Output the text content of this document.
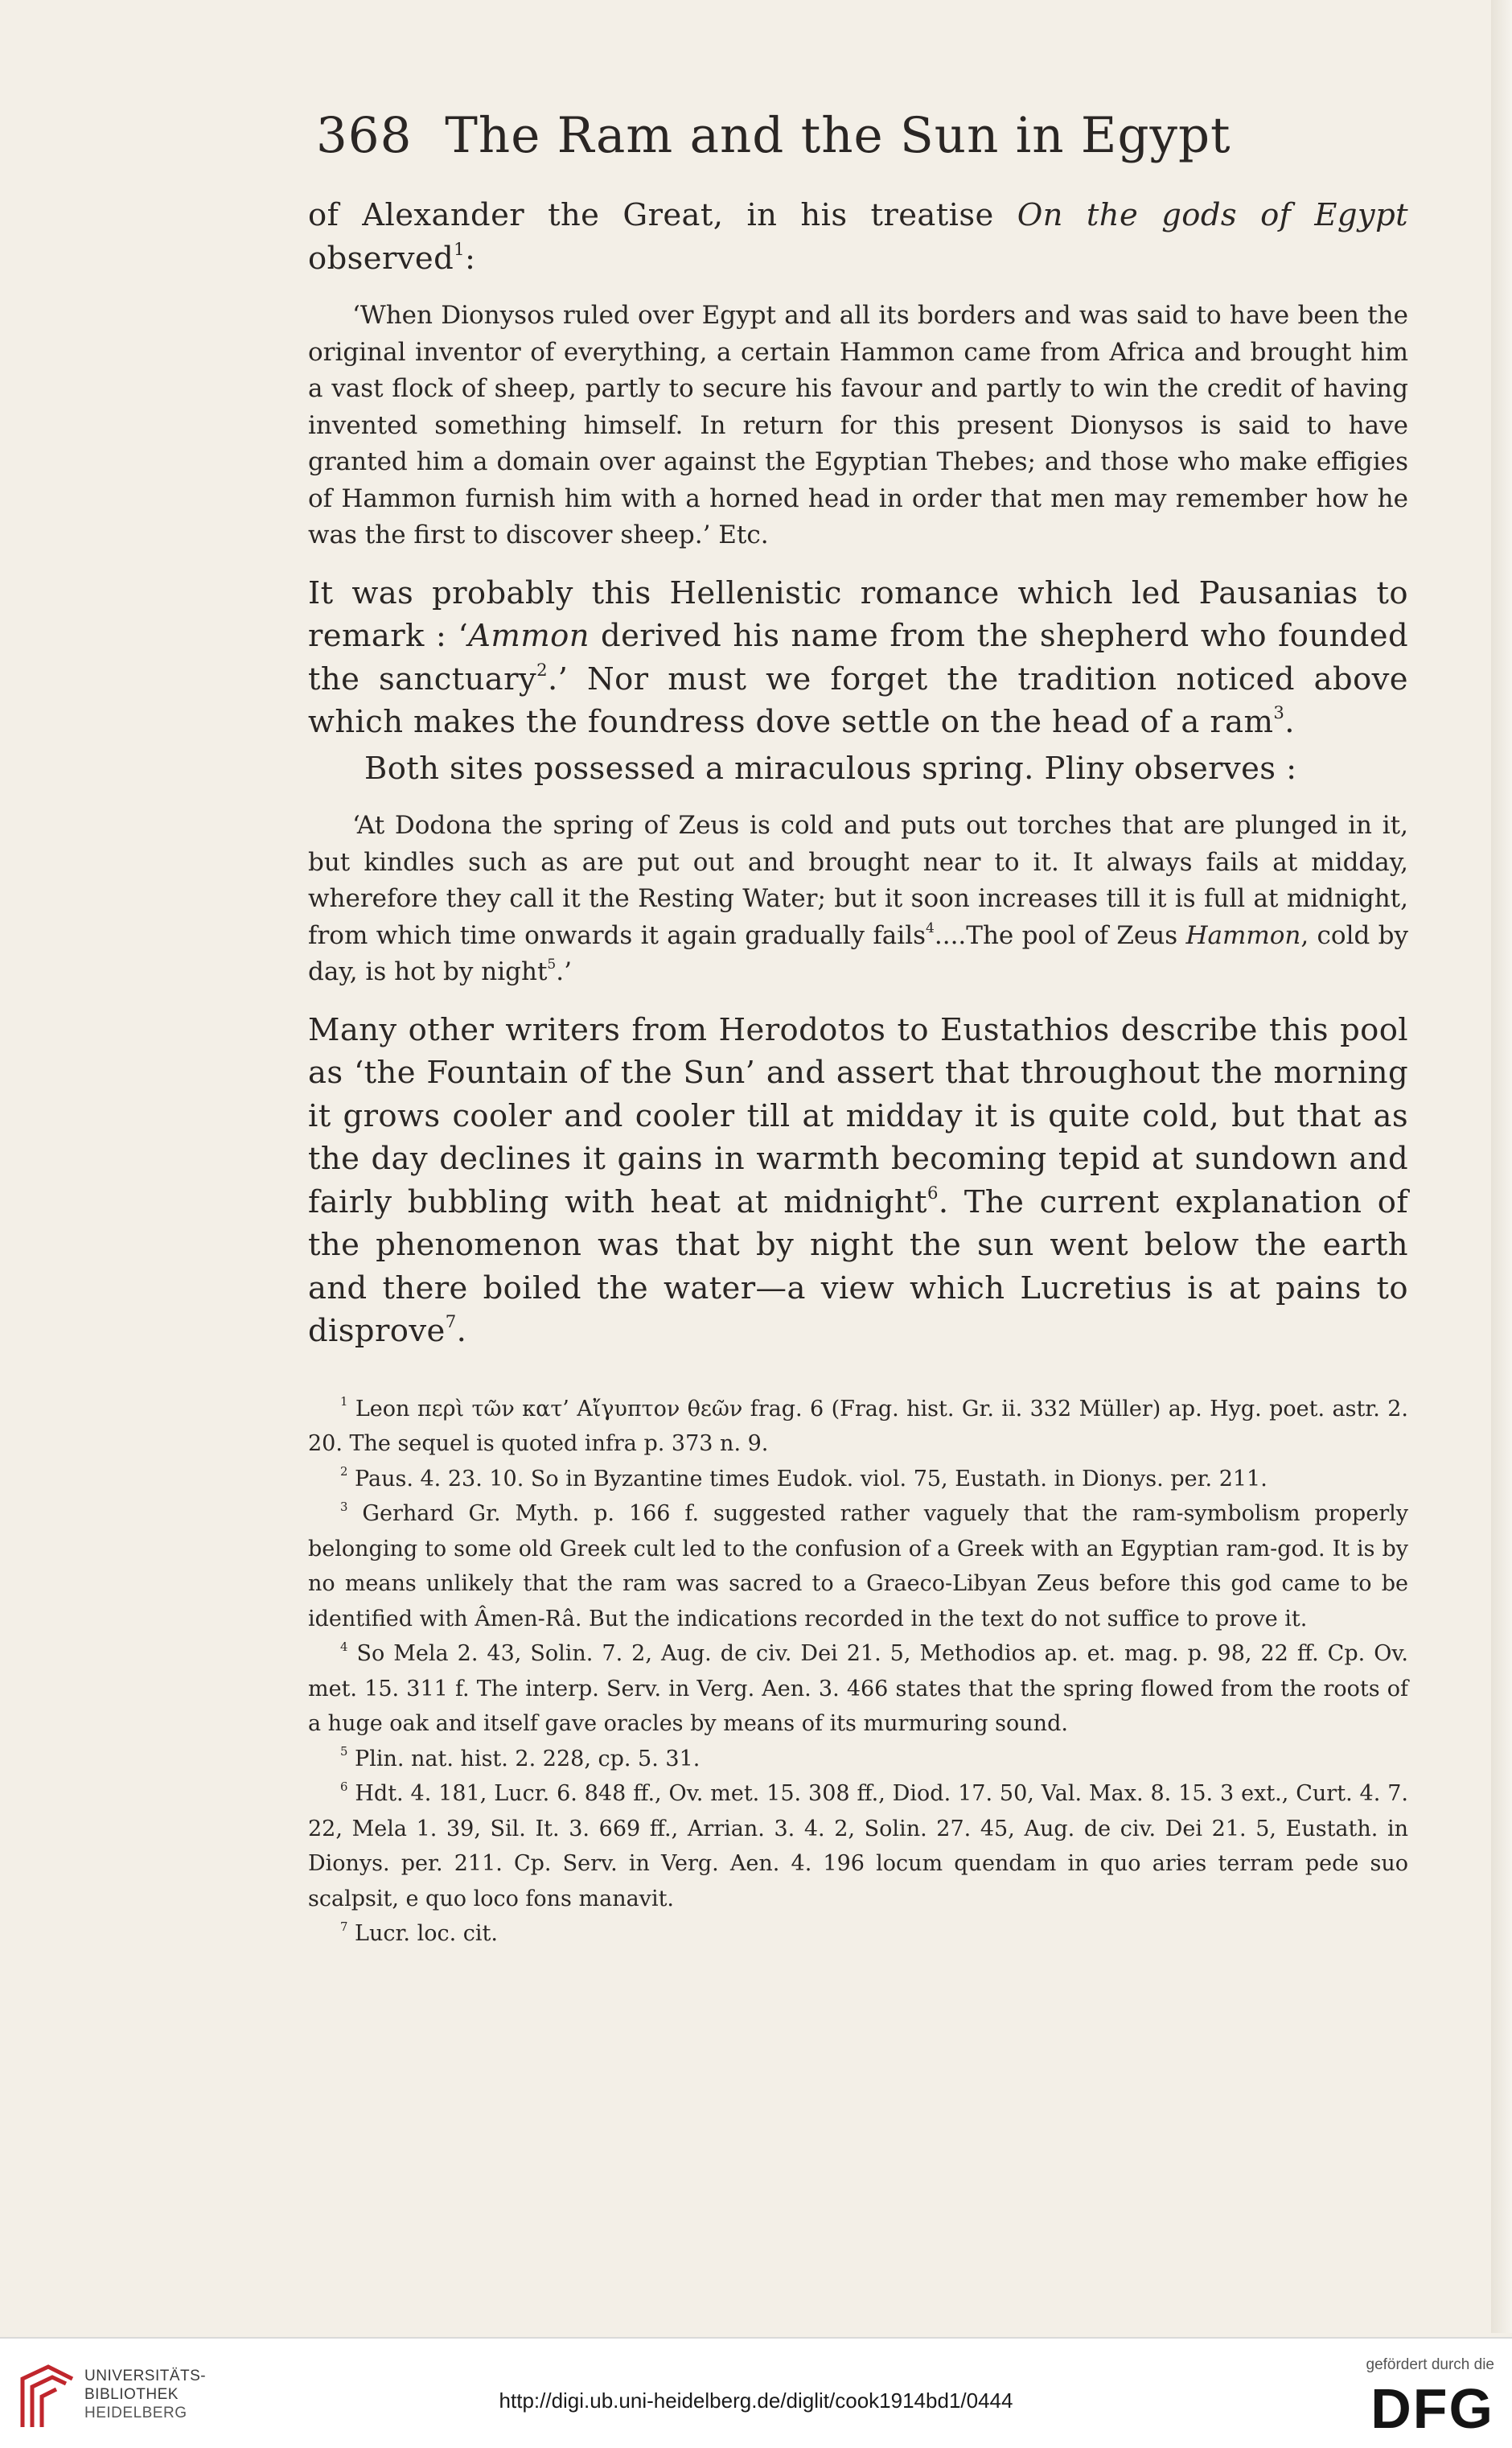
368 The Ram and the Sun in Egypt

of Alexander the Great, in his treatise On the gods of Egypt observed$^1$:

‘When Dionysos ruled over Egypt and all its borders and was said to have been the original inventor of everything, a certain Hammon came from Africa and brought him a vast flock of sheep, partly to secure his favour and partly to win the credit of having invented something himself. In return for this present Dionysos is said to have granted him a domain over against the Egyptian Thebes; and those who make effigies of Hammon furnish him with a horned head in order that men may remember how he was the first to discover sheep.’ Etc.

It was probably this Hellenistic romance which led Pausanias to remark : ‘Ammon derived his name from the shepherd who founded the sanctuary$^2$.’ Nor must we forget the tradition noticed above which makes the foundress dove settle on the head of a ram$^3$.

Both sites possessed a miraculous spring. Pliny observes :

‘At Dodona the spring of Zeus is cold and puts out torches that are plunged in it, but kindles such as are put out and brought near to it. It always fails at midday, wherefore they call it the Resting Water; but it soon increases till it is full at midnight, from which time onwards it again gradually fails$^4$....The pool of Zeus Hammon, cold by day, is hot by night$^5$.’

Many other writers from Herodotos to Eustathios describe this pool as ‘the Fountain of the Sun’ and assert that throughout the morning it grows cooler and cooler till at midday it is quite cold, but that as the day declines it gains in warmth becoming tepid at sundown and fairly bubbling with heat at midnight$^6$. The current explanation of the phenomenon was that by night the sun went below the earth and there boiled the water—a view which Lucretius is at pains to disprove$^7$.

$^1$ Leon περὶ τῶν κατ’ Αἴγυπτον θεῶν frag. 6 (Frag. hist. Gr. ii. 332 Müller) ap. Hyg. poet. astr. 2. 20. The sequel is quoted infra p. 373 n. 9.

$^2$ Paus. 4. 23. 10. So in Byzantine times Eudok. viol. 75, Eustath. in Dionys. per. 211.

$^3$ Gerhard Gr. Myth. p. 166 f. suggested rather vaguely that the ram-symbolism properly belonging to some old Greek cult led to the confusion of a Greek with an Egyptian ram-god. It is by no means unlikely that the ram was sacred to a Graeco-Libyan Zeus before this god came to be identified with Âmen-Râ. But the indications recorded in the text do not suffice to prove it.

$^4$ So Mela 2. 43, Solin. 7. 2, Aug. de civ. Dei 21. 5, Methodios ap. et. mag. p. 98, 22 ff. Cp. Ov. met. 15. 311 f. The interp. Serv. in Verg. Aen. 3. 466 states that the spring flowed from the roots of a huge oak and itself gave oracles by means of its murmuring sound.

$^5$ Plin. nat. hist. 2. 228, cp. 5. 31.

$^6$ Hdt. 4. 181, Lucr. 6. 848 ff., Ov. met. 15. 308 ff., Diod. 17. 50, Val. Max. 8. 15. 3 ext., Curt. 4. 7. 22, Mela 1. 39, Sil. It. 3. 669 ff., Arrian. 3. 4. 2, Solin. 27. 45, Aug. de civ. Dei 21. 5, Eustath. in Dionys. per. 211. Cp. Serv. in Verg. Aen. 4. 196 locum quendam in quo aries terram pede suo scalpsit, e quo loco fons manavit.

$^7$ Lucr. loc. cit.

UNIVERSITÄTS-
BIBLIOTHEK
HEIDELBERG
http://digi.ub.uni-heidelberg.de/diglit/cook1914bd1/0444
gefördert durch die
DFG
